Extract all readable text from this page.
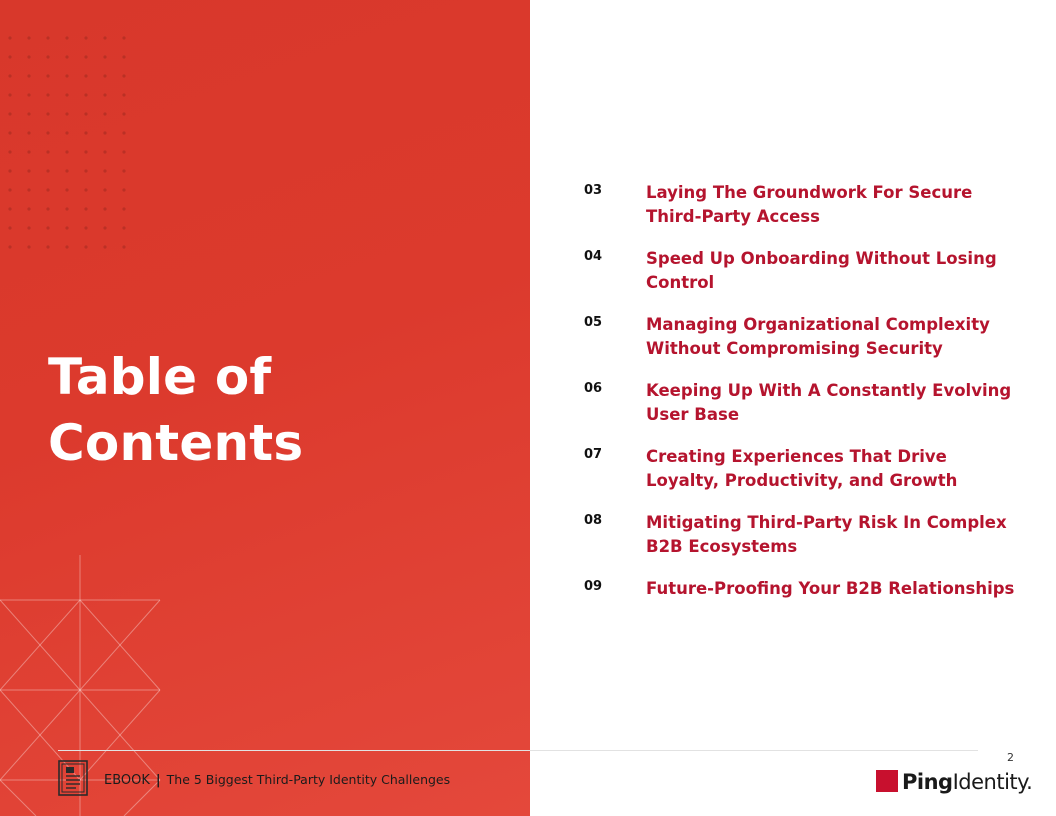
Table of
Contents
03	Laying The Groundwork For Secure Third-Party Access
04	Speed Up Onboarding Without Losing Control
05	Managing Organizational Complexity Without Compromising Security
06	Keeping Up With A Constantly Evolving User Base
07	Creating Experiences That Drive Loyalty, Productivity, and Growth
08	Mitigating Third-Party Risk In Complex B2B Ecosystems
09	Future-Proofing Your B2B Relationships
2
EBOOK | The 5 Biggest Third-Party Identity Challenges	PingIdentity.
